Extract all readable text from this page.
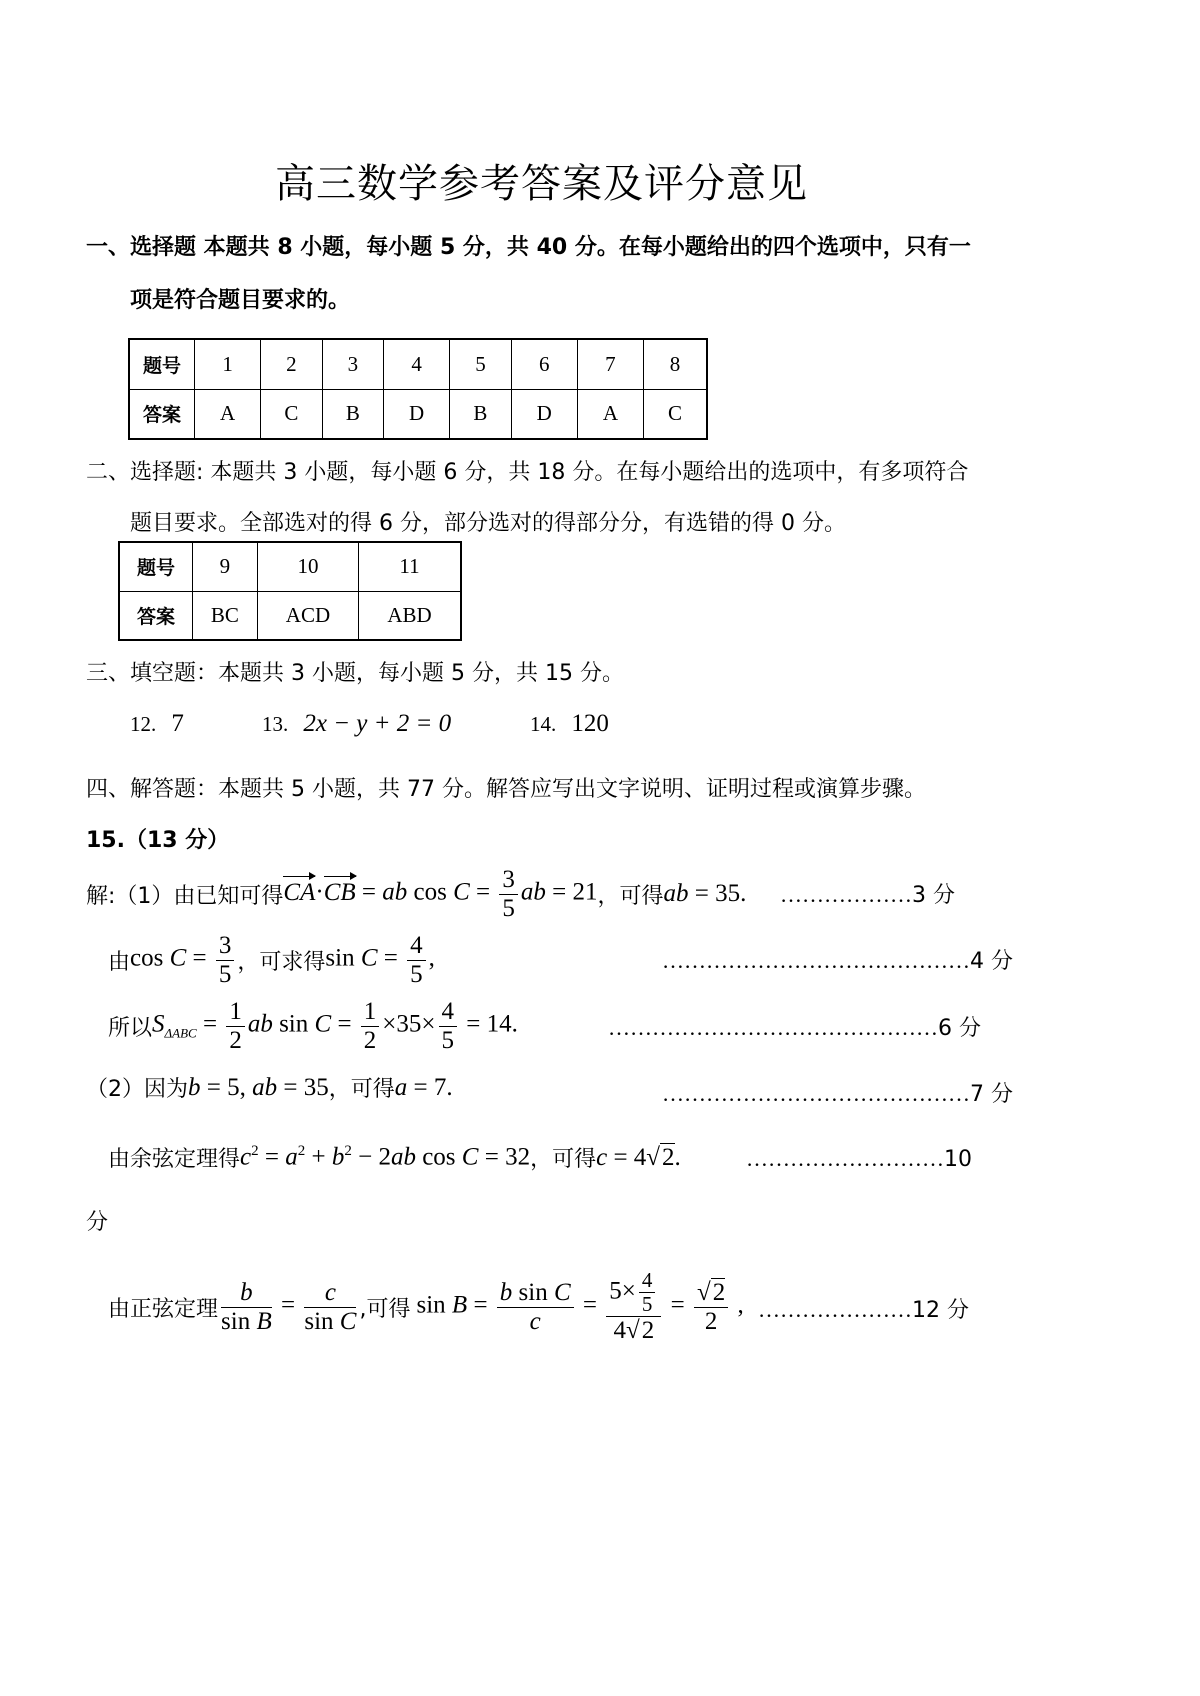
高三数学参考答案及评分意见
一、选择题 本题共 8 小题，每小题 5 分，共 40 分。在每小题给出的四个选项中，只有一
项是符合题目要求的。
题号	1	2	3	4	5	6	7	8
答案	A	C	B	D	B	D	A	C
二、选择题: 本题共 3 小题，每小题 6 分，共 18 分。在每小题给出的选项中，有多项符合
题目要求。全部选对的得 6 分，部分选对的得部分分，有选错的得 0 分。
题号	9	10	11
答案	BC	ACD	ABD
三、填空题：本题共 3 小题，每小题 5 分，共 15 分。
12. 7	13. 2x − y + 2 = 0	14. 120
四、解答题：本题共 5 小题，共 77 分。解答应写出文字说明、证明过程或演算步骤。
15.（13 分）
解:（1）由已知可得 CA·CB = ab $\cos C = \frac{3}{5}$ ab = 21 ，可得 ab = 35. ………………3 分
由 $\cos C = \frac{3}{5}$ ，可求得 $\sin C = \frac{4}{5}$ ,	……………………………………4 分
所以 $S_{\Delta ABC} = \frac{1}{2}$ ab $\sin C = \frac{1}{2} \times 35\times \frac{4}{5} = 14$.	………………………………………6 分
（2）因为 b = 5, ab = 35 ，可得 a = 7.	……………………………………7 分
由余弦定理得 $c^2 = a^2 + b^2 - 2ab$ cos C = 32 ，可得 c = 4√2.	………………………10
分
由正弦定理 $\frac{b}{\text{sin B}} = \frac{c}{\text{sin C}}$ ,可得 $\sin B = \frac{\text{b sin C}}{c} = \frac{5\times \frac{4}{5}}{4√2} = \frac{√2}{2}$ , …………………12 分
